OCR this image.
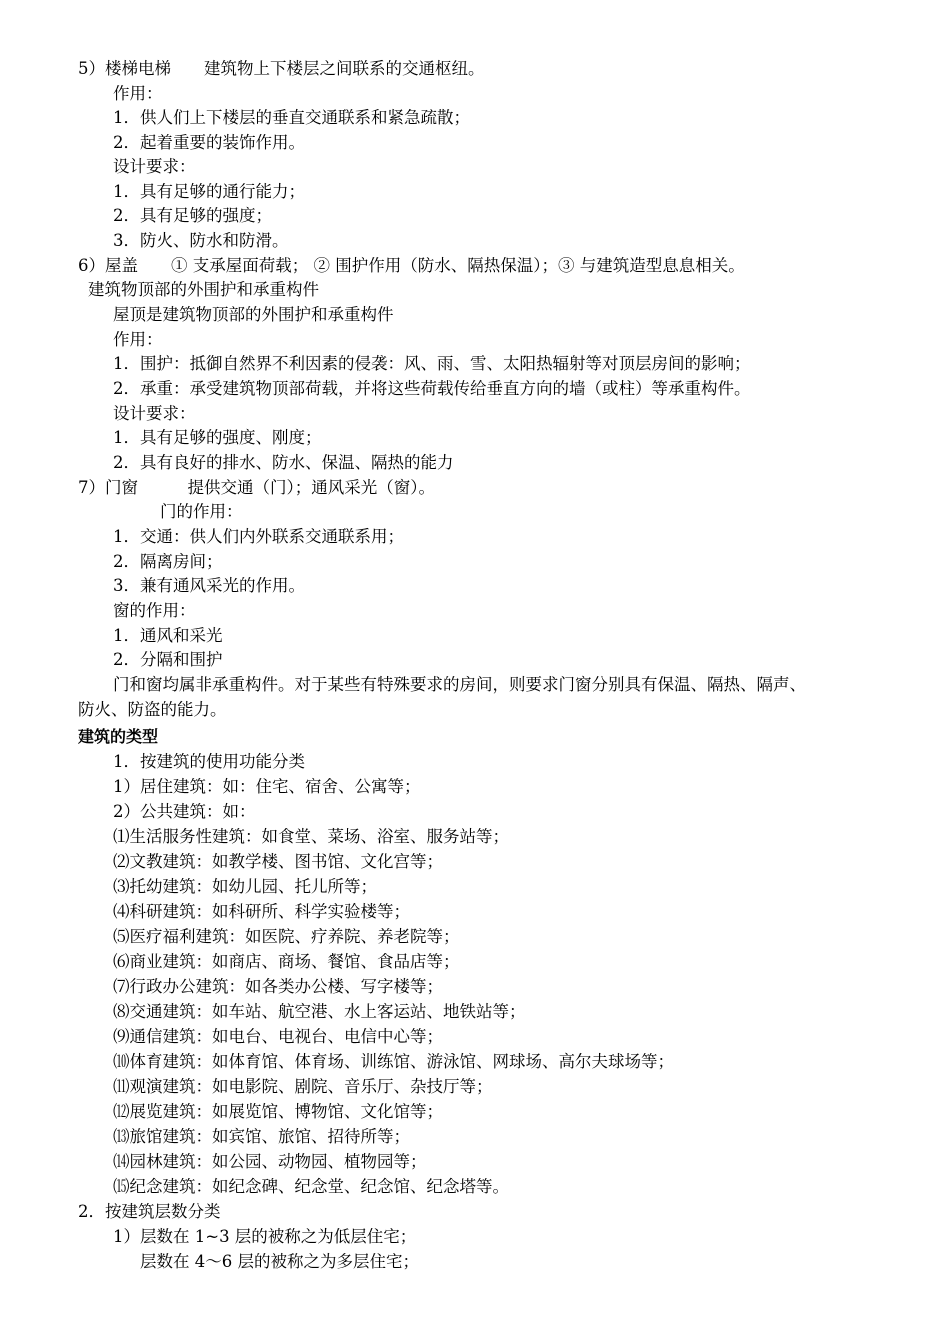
5）楼梯电梯　　建筑物上下楼层之间联系的交通枢纽。
作用：
1．供人们上下楼层的垂直交通联系和紧急疏散；
2．起着重要的装饰作用。
设计要求：
1．具有足够的通行能力；
2．具有足够的强度；
3．防火、防水和防滑。
6）屋盖　　① 支承屋面荷载； ② 围护作用（防水、隔热保温）；③ 与建筑造型息息相关。
建筑物顶部的外围护和承重构件
屋顶是建筑物顶部的外围护和承重构件
作用：
1．围护：抵御自然界不利因素的侵袭：风、雨、雪、太阳热辐射等对顶层房间的影响；
2．承重：承受建筑物顶部荷载，并将这些荷载传给垂直方向的墙（或柱）等承重构件。
设计要求：
1．具有足够的强度、刚度；
2．具有良好的排水、防水、保温、隔热的能力
7）门窗　　　提供交通（门）；通风采光（窗）。
门的作用：
1．交通：供人们内外联系交通联系用；
2．隔离房间；
3．兼有通风采光的作用。
窗的作用：
1．通风和采光
2．分隔和围护
门和窗均属非承重构件。对于某些有特殊要求的房间，则要求门窗分别具有保温、隔热、隔声、
防火、防盗的能力。
建筑的类型
1．按建筑的使用功能分类
1）居住建筑：如：住宅、宿舍、公寓等；
2）公共建筑：如：
⑴生活服务性建筑：如食堂、菜场、浴室、服务站等；
⑵文教建筑：如教学楼、图书馆、文化宫等；
⑶托幼建筑：如幼儿园、托儿所等；
⑷科研建筑：如科研所、科学实验楼等；
⑸医疗福利建筑：如医院、疗养院、养老院等；
⑹商业建筑：如商店、商场、餐馆、食品店等；
⑺行政办公建筑：如各类办公楼、写字楼等；
⑻交通建筑：如车站、航空港、水上客运站、地铁站等；
⑼通信建筑：如电台、电视台、电信中心等；
⑽体育建筑：如体育馆、体育场、训练馆、游泳馆、网球场、高尔夫球场等；
⑾观演建筑：如电影院、剧院、音乐厅、杂技厅等；
⑿展览建筑：如展览馆、博物馆、文化馆等；
⒀旅馆建筑：如宾馆、旅馆、招待所等；
⒁园林建筑：如公园、动物园、植物园等；
⒂纪念建筑：如纪念碑、纪念堂、纪念馆、纪念塔等。
2．按建筑层数分类
1）层数在 1~3 层的被称之为低层住宅；
层数在 4～6 层的被称之为多层住宅；
